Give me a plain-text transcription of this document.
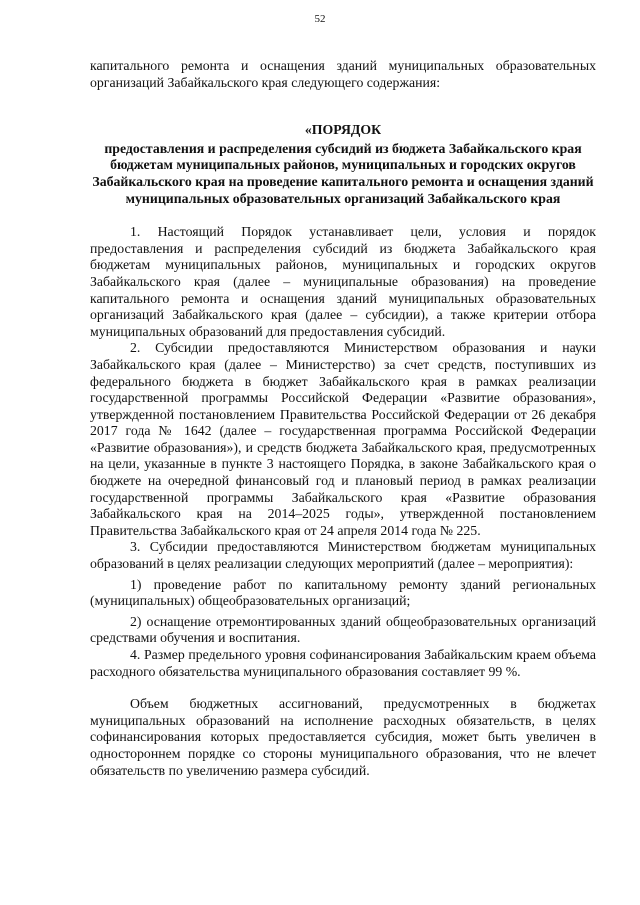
52

капитального ремонта и оснащения зданий муниципальных образовательных организаций Забайкальского края следующего содержания:

«ПОРЯДОК

предоставления и распределения субсидий из бюджета Забайкальского края бюджетам муниципальных районов, муниципальных и городских округов Забайкальского края на проведение капитального ремонта и оснащения зданий муниципальных образовательных организаций Забайкальского края

1. Настоящий Порядок устанавливает цели, условия и порядок предоставления и распределения субсидий из бюджета Забайкальского края бюджетам муниципальных районов, муниципальных и городских округов Забайкальского края (далее – муниципальные образования) на проведение капитального ремонта и оснащения зданий муниципальных образовательных организаций Забайкальского края (далее – субсидии), а также критерии отбора муниципальных образований для предоставления субсидий.

2. Субсидии предоставляются Министерством образования и науки Забайкальского края (далее – Министерство) за счет средств, поступивших из федерального бюджета в бюджет Забайкальского края в рамках реализации государственной программы Российской Федерации «Развитие образования», утвержденной постановлением Правительства Российской Федерации от 26 декабря 2017 года № 1642 (далее – государственная программа Российской Федерации «Развитие образования»), и средств бюджета Забайкальского края, предусмотренных на цели, указанные в пункте 3 настоящего Порядка, в законе Забайкальского края о бюджете на очередной финансовый год и плановый период в рамках реализации государственной программы Забайкальского края «Развитие образования Забайкальского края на 2014–2025 годы», утвержденной постановлением Правительства Забайкальского края от 24 апреля 2014 года № 225.

3. Субсидии предоставляются Министерством бюджетам муниципальных образований в целях реализации следующих мероприятий (далее – мероприятия):

1) проведение работ по капитальному ремонту зданий региональных (муниципальных) общеобразовательных организаций;

2) оснащение отремонтированных зданий общеобразовательных организаций средствами обучения и воспитания.

4. Размер предельного уровня софинансирования Забайкальским краем объема расходного обязательства муниципального образования составляет 99 %.

Объем бюджетных ассигнований, предусмотренных в бюджетах муниципальных образований на исполнение расходных обязательств, в целях софинансирования которых предоставляется субсидия, может быть увеличен в одностороннем порядке со стороны муниципального образования, что не влечет обязательств по увеличению размера субсидий.
